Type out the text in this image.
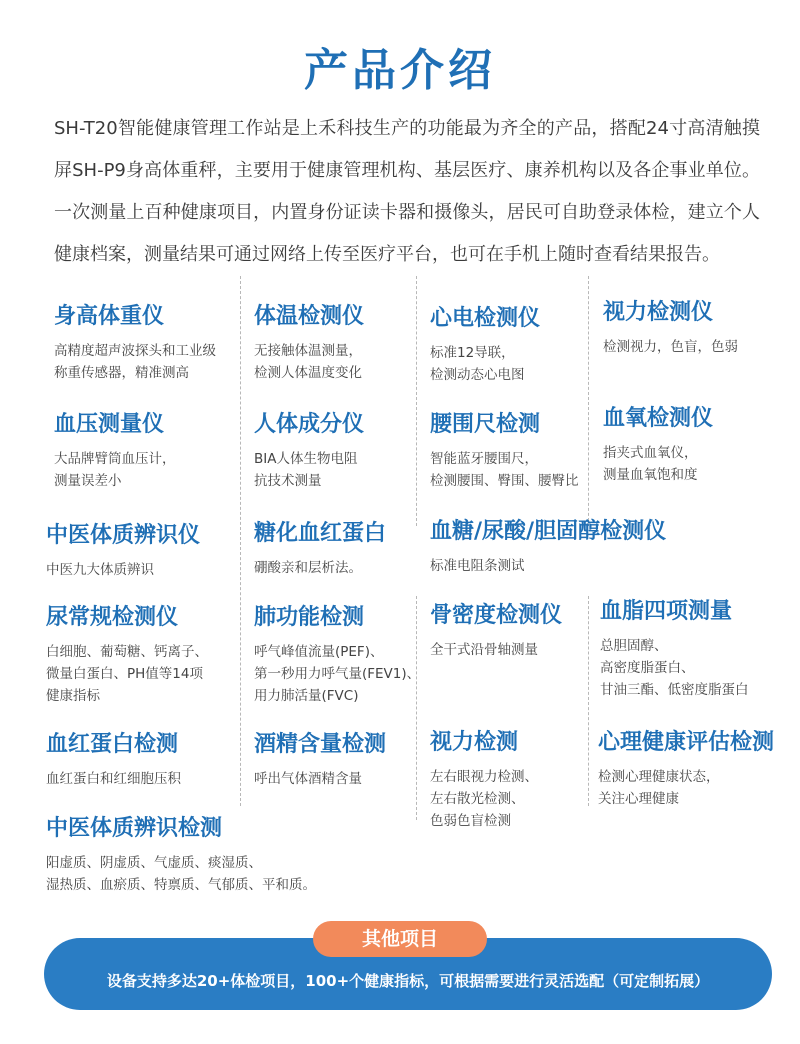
产品介绍
SH-T20智能健康管理工作站是上禾科技生产的功能最为齐全的产品，搭配24寸高清触摸屏SH-P9身高体重秤，主要用于健康管理机构、基层医疗、康养机构以及各企事业单位。一次测量上百种健康项目，内置身份证读卡器和摄像头，居民可自助登录体检，建立个人健康档案，测量结果可通过网络上传至医疗平台，也可在手机上随时查看结果报告。
身高体重仪
高精度超声波探头和工业级
称重传感器，精准测高
体温检测仪
无接触体温测量，
检测人体温度变化
心电检测仪
标准12导联，
检测动态心电图
视力检测仪
检测视力，色盲，色弱
血压测量仪
大品牌臂筒血压计，
测量误差小
人体成分仪
BIA人体生物电阻
抗技术测量
腰围尺检测
智能蓝牙腰围尺，
检测腰围、臀围、腰臀比
血氧检测仪
指夹式血氧仪，
测量血氧饱和度
中医体质辨识仪
中医九大体质辨识
糖化血红蛋白
硼酸亲和层析法。
血糖/尿酸/胆固醇检测仪
标准电阻条测试
尿常规检测仪
白细胞、葡萄糖、钙离子、
微量白蛋白、PH值等14项
健康指标
肺功能检测
呼气峰值流量(PEF)、
第一秒用力呼气量(FEV1)、
用力肺活量(FVC)
骨密度检测仪
全干式沿骨轴测量
血脂四项测量
总胆固醇、
高密度脂蛋白、
甘油三酯、低密度脂蛋白
血红蛋白检测
血红蛋白和红细胞压积
酒精含量检测
呼出气体酒精含量
视力检测
左右眼视力检测、
左右散光检测、
色弱色盲检测
心理健康评估检测
检测心理健康状态，
关注心理健康
中医体质辨识检测
阳虚质、阴虚质、气虚质、痰湿质、
湿热质、血瘀质、特禀质、气郁质、平和质。
其他项目
设备支持多达20+体检项目，100+个健康指标，可根据需要进行灵活选配（可定制拓展）
